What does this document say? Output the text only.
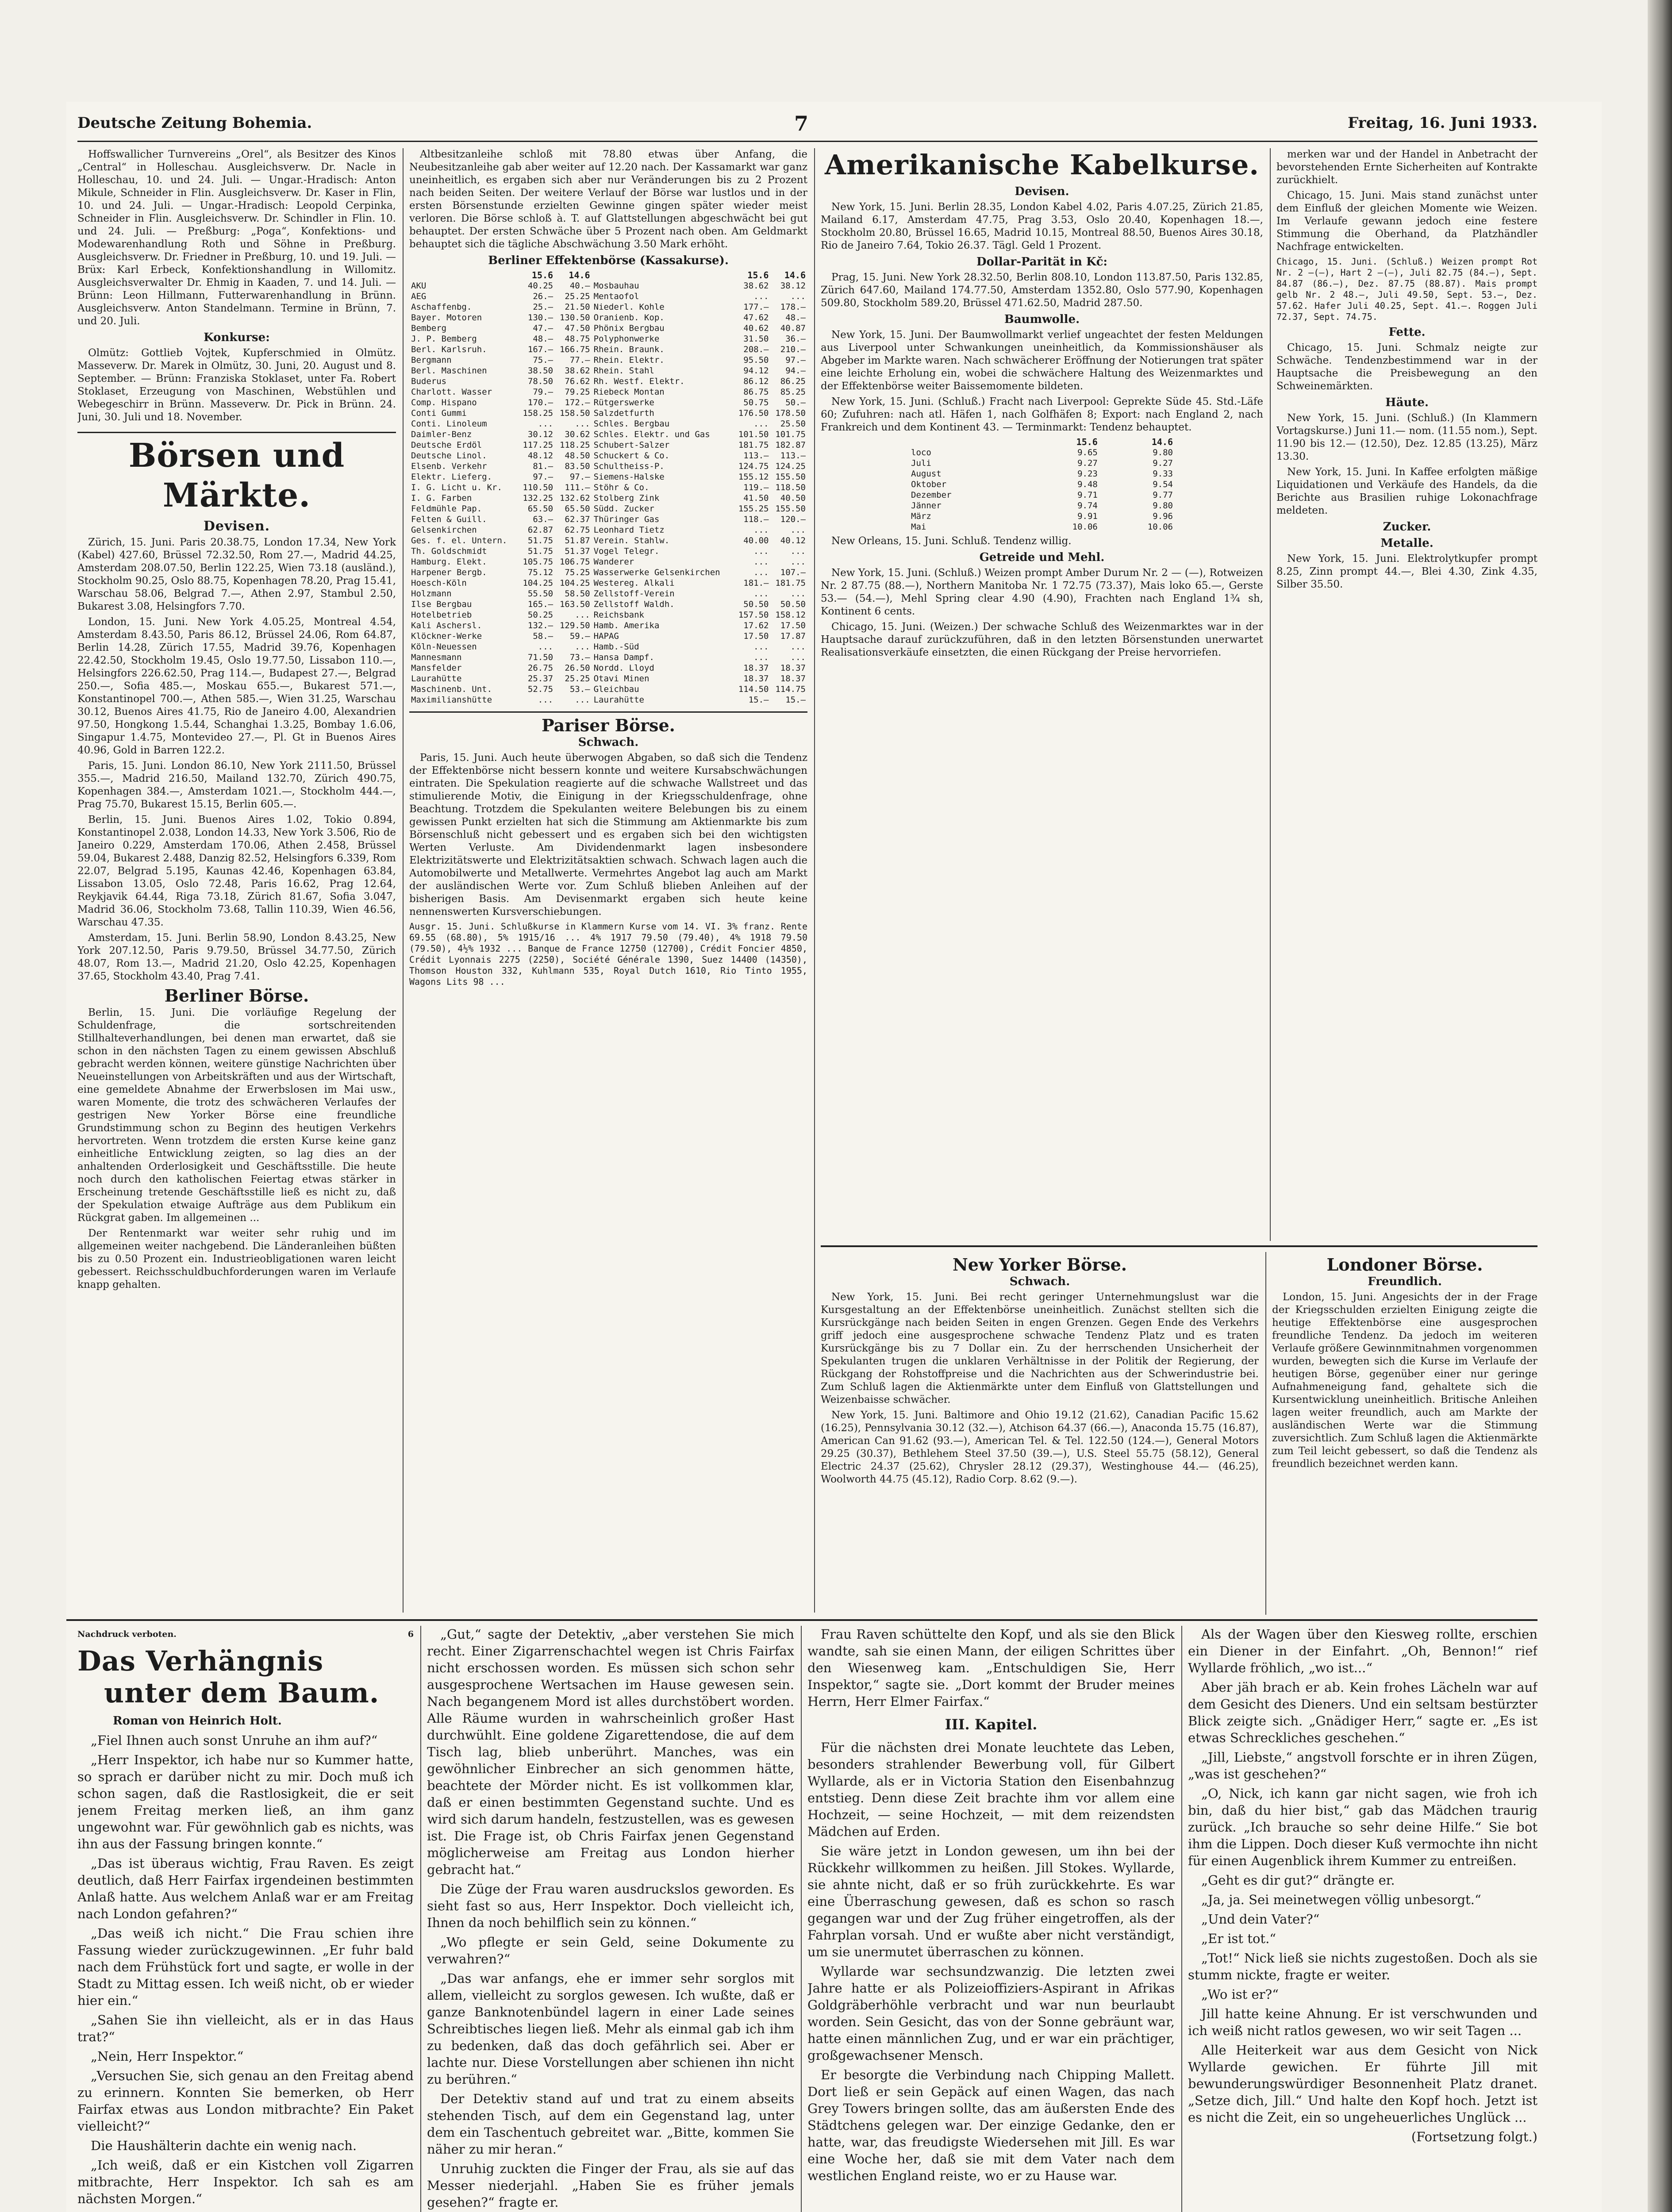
Deutsche Zeitung Bohemia.	7	Freitag, 16. Juni 1933.

Hoffswallicher Turnvereins „Orel“, als Besitzer des Kinos „Central“ in Holleschau. Ausgleichsverw. Dr. Nacle in Holleschau, 10. und 24. Juli. — Ungar.-Hradisch: Anton Mikule, Schneider in Flin. Ausgleichsverw. Dr. Kaser in Flin, 10. und 24. Juli. — Ungar.-Hradisch: Leopold Cerpinka, Schneider in Flin. Ausgleichsverw. Dr. Schindler in Flin. 10. und 24. Juli. — Preßburg: „Poga“, Konfektions- und Modewarenhandlung Roth und Söhne in Preßburg. Ausgleichsverw. Dr. Friedner in Preßburg, 10. und 19. Juli. — Brüx: Karl Erbeck, Konfektionshandlung in Willomitz. Ausgleichsverwalter Dr. Ehmig in Kaaden, 7. und 14. Juli. — Brünn: Leon Hillmann, Futterwarenhandlung in Brünn. Ausgleichsverw. Anton Standelmann. Termine in Brünn, 7. und 20. Juli.

Konkurse:

Olmütz: Gottlieb Vojtek, Kupferschmied in Olmütz. Masseverw. Dr. Marek in Olmütz, 30. Juni, 20. August und 8. September. — Brünn: Franziska Stoklaset, unter Fa. Robert Stoklaset, Erzeugung von Maschinen, Webstühlen und Webegeschirr in Brünn. Masseverw. Dr. Pick in Brünn. 24. Juni, 30. Juli und 18. November.

Börsen und Märkte.
Devisen.

Zürich, 15. Juni. Paris 20.38.75, London 17.34, New York (Kabel) 427.60, Brüssel 72.32.50, Rom 27.—, Madrid 44.25, Amsterdam 208.07.50, Berlin 122.25, Wien 73.18 (ausländ.), Stockholm 90.25, Oslo 88.75, Kopenhagen 78.20, Prag 15.41, Warschau 58.06, Belgrad 7.—, Athen 2.97, Stambul 2.50, Bukarest 3.08, Helsingfors 7.70.

London, 15. Juni. New York 4.05.25, Montreal 4.54, Amsterdam 8.43.50, Paris 86.12, Brüssel 24.06, Rom 64.87, Berlin 14.28, Zürich 17.55, Madrid 39.76, Kopenhagen 22.42.50, Stockholm 19.45, Oslo 19.77.50, Lissabon 110.—, Helsingfors 226.62.50, Prag 114.—, Budapest 27.—, Belgrad 250.—, Sofia 485.—, Moskau 655.—, Bukarest 571.—, Konstantinopel 700.—, Athen 585.—, Wien 31.25, Warschau 30.12, Buenos Aires 41.75, Rio de Janeiro 4.00, Alexandrien 97.50, Hongkong 1.5.44, Schanghai 1.3.25, Bombay 1.6.06, Singapur 1.4.75, Montevideo 27.—, Pl. Gt in Buenos Aires 40.96, Gold in Barren 122.2.

Paris, 15. Juni. London 86.10, New York 2111.50, Brüssel 355.—, Madrid 216.50, Mailand 132.70, Zürich 490.75, Kopenhagen 384.—, Amsterdam 1021.—, Stockholm 444.—, Prag 75.70, Bukarest 15.15, Berlin 605.—.

Berlin, 15. Juni. Buenos Aires 1.02, Tokio 0.894, Konstantinopel 2.038, London 14.33, New York 3.506, Rio de Janeiro 0.229, Amsterdam 170.06, Athen 2.458, Brüssel 59.04, Bukarest 2.488, Danzig 82.52, Helsingfors 6.339, Rom 22.07, Belgrad 5.195, Kaunas 42.46, Kopenhagen 63.84, Lissabon 13.05, Oslo 72.48, Paris 16.62, Prag 12.64, Reykjavik 64.44, Riga 73.18, Zürich 81.67, Sofia 3.047, Madrid 36.06, Stockholm 73.68, Tallin 110.39, Wien 46.56, Warschau 47.35.

Amsterdam, 15. Juni. Berlin 58.90, London 8.43.25, New York 207.12.50, Paris 9.79.50, Brüssel 34.77.50, Zürich 48.07, Rom 13.—, Madrid 21.20, Oslo 42.25, Kopenhagen 37.65, Stockholm 43.40, Prag 7.41.

Berliner Börse.

Berlin, 15. Juni. Die vorläufige Regelung der Schuldenfrage, die sortschreitenden Stillhalteverhandlungen, bei denen man erwartet, daß sie schon in den nächsten Tagen zu einem gewissen Abschluß gebracht werden können, weitere günstige Nachrichten über Neueinstellungen von Arbeitskräften und aus der Wirtschaft, eine gemeldete Abnahme der Erwerbslosen im Mai usw., waren Momente, die trotz des schwächeren Verlaufes der gestrigen New Yorker Börse eine freundliche Grundstimmung schon zu Beginn des heutigen Verkehrs hervortreten. Wenn trotzdem die ersten Kurse keine ganz einheitliche Entwicklung zeigten, so lag dies an der anhaltenden Orderlosigkeit und Geschäftsstille. Die heute noch durch den katholischen Feiertag etwas stärker in Erscheinung tretende Geschäftsstille ließ es nicht zu, daß der Spekulation etwaige Aufträge aus dem Publikum ein Rückgrat gaben. Im allgemeinen ...

Der Rentenmarkt war weiter sehr ruhig und im allgemeinen weiter nachgebend. Die Länderanleihen büßten bis zu 0.50 Prozent ein. Industrieobligationen waren leicht gebessert. Reichsschuldbuchforderungen waren im Verlaufe knapp gehalten.

Altbesitzanleihe schloß mit 78.80 etwas über Anfang, die Neubesitzanleihe gab aber weiter auf 12.20 nach. Der Kassamarkt war ganz uneinheitlich, es ergaben sich aber nur Veränderungen bis zu 2 Prozent nach beiden Seiten. Der weitere Verlauf der Börse war lustlos und in der ersten Börsenstunde erzielten Gewinne gingen später wieder meist verloren. Die Börse schloß à. T. auf Glattstellungen abgeschwächt bei gut behauptet. Der ersten Schwäche über 5 Prozent nach oben. Am Geldmarkt behauptet sich die tägliche Abschwächung 3.50 Mark erhöht.

Berliner Effektenbörse (Kassakurse).
	15.6	14.6		15.6	14.6
AKU	40.25	40.—	Mosbauhau	38.62	38.12
AEG	26.—	25.25	Mentaofol	...	...
Aschaffenbg.	25.—	21.50	Niederl. Kohle	177.—	178.—
Bayer. Motoren	130.—	130.50	Oranienb. Kop.	47.62	48.—
Bemberg	47.—	47.50	Phönix Bergbau	40.62	40.87
J. P. Bemberg	48.—	48.75	Polyphonwerke	31.50	36.—
Berl. Karlsruh.	167.—	166.75	Rhein. Braunk.	208.—	210.—
Bergmann	75.—	77.—	Rhein. Elektr.	95.50	97.—
Berl. Maschinen	38.50	38.62	Rhein. Stahl	94.12	94.—
Buderus	78.50	76.62	Rh. Westf. Elektr.	86.12	86.25
Charlott. Wasser	79.—	79.25	Riebeck Montan	86.75	85.25
Comp. Hispano	170.—	172.—	Rütgerswerke	50.75	50.—
Conti Gummi	158.25	158.50	Salzdetfurth	176.50	178.50
Conti. Linoleum	...	...	Schles. Bergbau	...	25.50
Daimler-Benz	30.12	30.62	Schles. Elektr. und Gas	101.50	101.75
Deutsche Erdöl	117.25	118.25	Schubert-Salzer	181.75	182.87
Deutsche Linol.	48.12	48.50	Schuckert & Co.	113.—	113.—
Elsenb. Verkehr	81.—	83.50	Schultheiss-P.	124.75	124.25
Elektr. Lieferg.	97.—	97.—	Siemens-Halske	155.12	155.50
I. G. Licht u. Kr.	110.50	111.—	Stöhr & Co.	119.—	118.50
I. G. Farben	132.25	132.62	Stolberg Zink	41.50	40.50
Feldmühle Pap.	65.50	65.50	Südd. Zucker	155.25	155.50
Felten & Guill.	63.—	62.37	Thüringer Gas	118.—	120.—
Gelsenkirchen	62.87	62.75	Leonhard Tietz	...	...
Ges. f. el. Untern.	51.75	51.87	Verein. Stahlw.	40.00	40.12
Th. Goldschmidt	51.75	51.37	Vogel Telegr.	...	...
Hamburg. Elekt.	105.75	106.75	Wanderer	...	...
Harpener Bergb.	75.12	75.25	Wasserwerke Gelsenkirchen	...	107.—
Hoesch-Köln	104.25	104.25	Westereg. Alkali	181.—	181.75
Holzmann	55.50	58.50	Zellstoff-Verein	...	...
Ilse Bergbau	165.—	163.50	Zellstoff Waldh.	50.50	50.50
Hotelbetrieb	50.25	...	Reichsbank	157.50	158.12
Kali Aschersl.	132.—	129.50	Hamb. Amerika	17.62	17.50
Klöckner-Werke	58.—	59.—	HAPAG	17.50	17.87
Köln-Neuessen	...	...	Hamb.-Süd	...	...
Mannesmann	71.50	73.—	Hansa Dampf.	...	...
Mansfelder	26.75	26.50	Nordd. Lloyd	18.37	18.37
Laurahütte	25.37	25.25	Otavi Minen	18.37	18.37
Maschinenb. Unt.	52.75	53.—	Gleichbau	114.50	114.75
Maximilianshütte	...	...	Laurahütte	15.—	15.—
Pariser Börse.
Schwach.

Paris, 15. Juni. Auch heute überwogen Abgaben, so daß sich die Tendenz der Effektenbörse nicht bessern konnte und weitere Kursabschwächungen eintraten. Die Spekulation reagierte auf die schwache Wallstreet und das stimulierende Motiv, die Einigung in der Kriegsschuldenfrage, ohne Beachtung. Trotzdem die Spekulanten weitere Belebungen bis zu einem gewissen Punkt erzielten hat sich die Stimmung am Aktienmarkte bis zum Börsenschluß nicht gebessert und es ergaben sich bei den wichtigsten Werten Verluste. Am Dividendenmarkt lagen insbesondere Elektrizitätswerte und Elektrizitätsaktien schwach. Schwach lagen auch die Automobilwerte und Metallwerte. Vermehrtes Angebot lag auch am Markt der ausländischen Werte vor. Zum Schluß blieben Anleihen auf der bisherigen Basis. Am Devisenmarkt ergaben sich heute keine nennenswerten Kursverschiebungen.

Ausgr. 15. Juni. Schlußkurse in Klammern Kurse vom 14. VI. 3% franz. Rente 69.55 (68.80), 5% 1915/16 ... 4% 1917 79.50 (79.40), 4% 1918 79.50 (79.50), 4½% 1932 ... Banque de France 12750 (12700), Crédit Foncier 4850, Crédit Lyonnais 2275 (2250), Société Générale 1390, Suez 14400 (14350), Thomson Houston 332, Kuhlmann 535, Royal Dutch 1610, Rio Tinto 1955, Wagons Lits 98 ...

Amerikanische Kabelkurse.
Devisen.

New York, 15. Juni. Berlin 28.35, London Kabel 4.02, Paris 4.07.25, Zürich 21.85, Mailand 6.17, Amsterdam 47.75, Prag 3.53, Oslo 20.40, Kopenhagen 18.—, Stockholm 20.80, Brüssel 16.65, Madrid 10.15, Montreal 88.50, Buenos Aires 30.18, Rio de Janeiro 7.64, Tokio 26.37. Tägl. Geld 1 Prozent.

Dollar-Parität in Kč:

Prag, 15. Juni. New York 28.32.50, Berlin 808.10, London 113.87.50, Paris 132.85, Zürich 647.60, Mailand 174.77.50, Amsterdam 1352.80, Oslo 577.90, Kopenhagen 509.80, Stockholm 589.20, Brüssel 471.62.50, Madrid 287.50.

Baumwolle.

New York, 15. Juni. Der Baumwollmarkt verlief ungeachtet der festen Meldungen aus Liverpool unter Schwankungen uneinheitlich, da Kommissionshäuser als Abgeber im Markte waren. Nach schwächerer Eröffnung der Notierungen trat später eine leichte Erholung ein, wobei die schwächere Haltung des Weizenmarktes und der Effektenbörse weiter Baissemomente bildeten.

New York, 15. Juni. (Schluß.) Fracht nach Liverpool: Geprekte Süde 45. Std.-Läfe 60; Zufuhren: nach atl. Häfen 1, nach Golfhäfen 8; Export: nach England 2, nach Frankreich und dem Kontinent 43. — Terminmarkt: Tendenz behauptet.

	15.6	14.6
loco	9.65	9.80
Juli	9.27	9.27
August	9.23	9.33
Oktober	9.48	9.54
Dezember	9.71	9.77
Jänner	9.74	9.80
März	9.91	9.96
Mai	10.06	10.06

New Orleans, 15. Juni. Schluß. Tendenz willig.

Getreide und Mehl.

New York, 15. Juni. (Schluß.) Weizen prompt Amber Durum Nr. 2 — (—), Rotweizen Nr. 2 87.75 (88.—), Northern Manitoba Nr. 1 72.75 (73.37), Mais loko 65.—, Gerste 53.— (54.—), Mehl Spring clear 4.90 (4.90), Frachten nach England 1¾ sh, Kontinent 6 cents.

Chicago, 15. Juni. (Weizen.) Der schwache Schluß des Weizenmarktes war in der Hauptsache darauf zurückzuführen, daß in den letzten Börsenstunden unerwartet Realisationsverkäufe einsetzten, die einen Rückgang der Preise hervorriefen.

merken war und der Handel in Anbetracht der bevorstehenden Ernte Sicherheiten auf Kontrakte zurückhielt.

Chicago, 15. Juni. Mais stand zunächst unter dem Einfluß der gleichen Momente wie Weizen. Im Verlaufe gewann jedoch eine festere Stimmung die Oberhand, da Platzhändler Nachfrage entwickelten.

Chicago, 15. Juni. (Schluß.) Weizen prompt Rot Nr. 2 —(—), Hart 2 —(—), Juli 82.75 (84.—), Sept. 84.87 (86.—), Dez. 87.75 (88.87). Mais prompt gelb Nr. 2 48.—, Juli 49.50, Sept. 53.—, Dez. 57.62. Hafer Juli 40.25, Sept. 41.—. Roggen Juli 72.37, Sept. 74.75.

Fette.

Chicago, 15. Juni. Schmalz neigte zur Schwäche. Tendenzbestimmend war in der Hauptsache die Preisbewegung an den Schweinemärkten.

Häute.

New York, 15. Juni. (Schluß.) (In Klammern Vortagskurse.) Juni 11.— nom. (11.55 nom.), Sept. 11.90 bis 12.— (12.50), Dez. 12.85 (13.25), März 13.30.

New York, 15. Juni. In Kaffee erfolgten mäßige Liquidationen und Verkäufe des Handels, da die Berichte aus Brasilien ruhige Lokonachfrage meldeten.

Zucker.
Metalle.

New York, 15. Juni. Elektrolytkupfer prompt 8.25, Zinn prompt 44.—, Blei 4.30, Zink 4.35, Silber 35.50.

New Yorker Börse.
Schwach.

New York, 15. Juni. Bei recht geringer Unternehmungslust war die Kursgestaltung an der Effektenbörse uneinheitlich. Zunächst stellten sich die Kursrückgänge nach beiden Seiten in engen Grenzen. Gegen Ende des Verkehrs griff jedoch eine ausgesprochene schwache Tendenz Platz und es traten Kursrückgänge bis zu 7 Dollar ein. Zu der herrschenden Unsicherheit der Spekulanten trugen die unklaren Verhältnisse in der Politik der Regierung, der Rückgang der Rohstoffpreise und die Nachrichten aus der Schwerindustrie bei. Zum Schluß lagen die Aktienmärkte unter dem Einfluß von Glattstellungen und Weizenbaisse schwächer.

New York, 15. Juni. Baltimore and Ohio 19.12 (21.62), Canadian Pacific 15.62 (16.25), Pennsylvania 30.12 (32.—), Atchison 64.37 (66.—), Anaconda 15.75 (16.87), American Can 91.62 (93.—), American Tel. & Tel. 122.50 (124.—), General Motors 29.25 (30.37), Bethlehem Steel 37.50 (39.—), U.S. Steel 55.75 (58.12), General Electric 24.37 (25.62), Chrysler 28.12 (29.37), Westinghouse 44.— (46.25), Woolworth 44.75 (45.12), Radio Corp. 8.62 (9.—).

Londoner Börse.
Freundlich.

London, 15. Juni. Angesichts der in der Frage der Kriegsschulden erzielten Einigung zeigte die heutige Effektenbörse eine ausgesprochen freundliche Tendenz. Da jedoch im weiteren Verlaufe größere Gewinnmitnahmen vorgenommen wurden, bewegten sich die Kurse im Verlaufe der heutigen Börse, gegenüber einer nur geringe Aufnahmeneigung fand, gehaltete sich die Kursentwicklung uneinheitlich. Britische Anleihen lagen weiter freundlich, auch am Markte der ausländischen Werte war die Stimmung zuversichtlich. Zum Schluß lagen die Aktienmärkte zum Teil leicht gebessert, so daß die Tendenz als freundlich bezeichnet werden kann.

Nachdruck verboten.	6
Das Verhängnis
unter dem Baum.
Roman von Heinrich Holt.

„Fiel Ihnen auch sonst Unruhe an ihm auf?“

„Herr Inspektor, ich habe nur so Kummer hatte, so sprach er darüber nicht zu mir. Doch muß ich schon sagen, daß die Rastlosigkeit, die er seit jenem Freitag merken ließ, an ihm ganz ungewohnt war. Für gewöhnlich gab es nichts, was ihn aus der Fassung bringen konnte.“

„Das ist überaus wichtig, Frau Raven. Es zeigt deutlich, daß Herr Fairfax irgendeinen bestimmten Anlaß hatte. Aus welchem Anlaß war er am Freitag nach London gefahren?“

„Das weiß ich nicht.“ Die Frau schien ihre Fassung wieder zurückzugewinnen. „Er fuhr bald nach dem Frühstück fort und sagte, er wolle in der Stadt zu Mittag essen. Ich weiß nicht, ob er wieder hier ein.“

„Sahen Sie ihn vielleicht, als er in das Haus trat?“

„Nein, Herr Inspektor.“

„Versuchen Sie, sich genau an den Freitag abend zu erinnern. Konnten Sie bemerken, ob Herr Fairfax etwas aus London mitbrachte? Ein Paket vielleicht?“

Die Haushälterin dachte ein wenig nach.

„Ich weiß, daß er ein Kistchen voll Zigarren mitbrachte, Herr Inspektor. Ich sah es am nächsten Morgen.“

„Gut,“ sagte der Detektiv, „aber verstehen Sie mich recht. Einer Zigarrenschachtel wegen ist Chris Fairfax nicht erschossen worden. Es müssen sich schon sehr ausgesprochene Wertsachen im Hause gewesen sein. Nach begangenem Mord ist alles durchstöbert worden. Alle Räume wurden in wahrscheinlich großer Hast durchwühlt. Eine goldene Zigarettendose, die auf dem Tisch lag, blieb unberührt. Manches, was ein gewöhnlicher Einbrecher an sich genommen hätte, beachtete der Mörder nicht. Es ist vollkommen klar, daß er einen bestimmten Gegenstand suchte. Und es wird sich darum handeln, festzustellen, was es gewesen ist. Die Frage ist, ob Chris Fairfax jenen Gegenstand möglicherweise am Freitag aus London hierher gebracht hat.“

Die Züge der Frau waren ausdruckslos geworden. Es sieht fast so aus, Herr Inspektor. Doch vielleicht ich, Ihnen da noch behilflich sein zu können.“

„Wo pflegte er sein Geld, seine Dokumente zu verwahren?“

„Das war anfangs, ehe er immer sehr sorglos mit allem, vielleicht zu sorglos gewesen. Ich wußte, daß er ganze Banknotenbündel lagern in einer Lade seines Schreibtisches liegen ließ. Mehr als einmal gab ich ihm zu bedenken, daß das doch gefährlich sei. Aber er lachte nur. Diese Vorstellungen aber schienen ihn nicht zu berühren.“

Der Detektiv stand auf und trat zu einem abseits stehenden Tisch, auf dem ein Gegenstand lag, unter dem ein Taschentuch gebreitet war. „Bitte, kommen Sie näher zu mir heran.“

Unruhig zuckten die Finger der Frau, als sie auf das Messer niederjahl. „Haben Sie es früher jemals gesehen?“ fragte er.

Frau Raven schüttelte den Kopf, und als sie den Blick wandte, sah sie einen Mann, der eiligen Schrittes über den Wiesenweg kam. „Entschuldigen Sie, Herr Inspektor,“ sagte sie. „Dort kommt der Bruder meines Herrn, Herr Elmer Fairfax.“

III. Kapitel.

Für die nächsten drei Monate leuchtete das Leben, besonders strahlender Bewerbung voll, für Gilbert Wyllarde, als er in Victoria Station den Eisenbahnzug entstieg. Denn diese Zeit brachte ihm vor allem eine Hochzeit, — seine Hochzeit, — mit dem reizendsten Mädchen auf Erden.

Sie wäre jetzt in London gewesen, um ihn bei der Rückkehr willkommen zu heißen. Jill Stokes. Wyllarde, sie ahnte nicht, daß er so früh zurückkehrte. Es war eine Überraschung gewesen, daß es schon so rasch gegangen war und der Zug früher eingetroffen, als der Fahrplan vorsah. Und er wußte aber nicht verständigt, um sie unermutet überraschen zu können.

Wyllarde war sechsundzwanzig. Die letzten zwei Jahre hatte er als Polizeioffiziers-Aspirant in Afrikas Goldgräberhöhle verbracht und war nun beurlaubt worden. Sein Gesicht, das von der Sonne gebräunt war, hatte einen männlichen Zug, und er war ein prächtiger, großgewachsener Mensch.

Er besorgte die Verbindung nach Chipping Mallett. Dort ließ er sein Gepäck auf einen Wagen, das nach Grey Towers bringen sollte, das am äußersten Ende des Städtchens gelegen war. Der einzige Gedanke, den er hatte, war, das freudigste Wiedersehen mit Jill. Es war eine Woche her, daß sie mit dem Vater nach dem westlichen England reiste, wo er zu Hause war.

Als der Wagen über den Kiesweg rollte, erschien ein Diener in der Einfahrt. „Oh, Bennon!“ rief Wyllarde fröhlich, „wo ist...“

Aber jäh brach er ab. Kein frohes Lächeln war auf dem Gesicht des Dieners. Und ein seltsam bestürzter Blick zeigte sich. „Gnädiger Herr,“ sagte er. „Es ist etwas Schreckliches geschehen.“

„Jill, Liebste,“ angstvoll forschte er in ihren Zügen, „was ist geschehen?“

„O, Nick, ich kann gar nicht sagen, wie froh ich bin, daß du hier bist,“ gab das Mädchen traurig zurück. „Ich brauche so sehr deine Hilfe.“ Sie bot ihm die Lippen. Doch dieser Kuß vermochte ihn nicht für einen Augenblick ihrem Kummer zu entreißen.

„Geht es dir gut?“ drängte er.

„Ja, ja. Sei meinetwegen völlig unbesorgt.“

„Und dein Vater?“

„Er ist tot.“

„Tot!“ Nick ließ sie nichts zugestoßen. Doch als sie stumm nickte, fragte er weiter.

„Wo ist er?“

Jill hatte keine Ahnung. Er ist verschwunden und ich weiß nicht ratlos gewesen, wo wir seit Tagen ...

Alle Heiterkeit war aus dem Gesicht von Nick Wyllarde gewichen. Er führte Jill mit bewunderungswürdiger Besonnenheit Platz dranet. „Setze dich, Jill.“ Und halte den Kopf hoch. Jetzt ist es nicht die Zeit, ein so ungeheuerliches Unglück ...

(Fortsetzung folgt.)
